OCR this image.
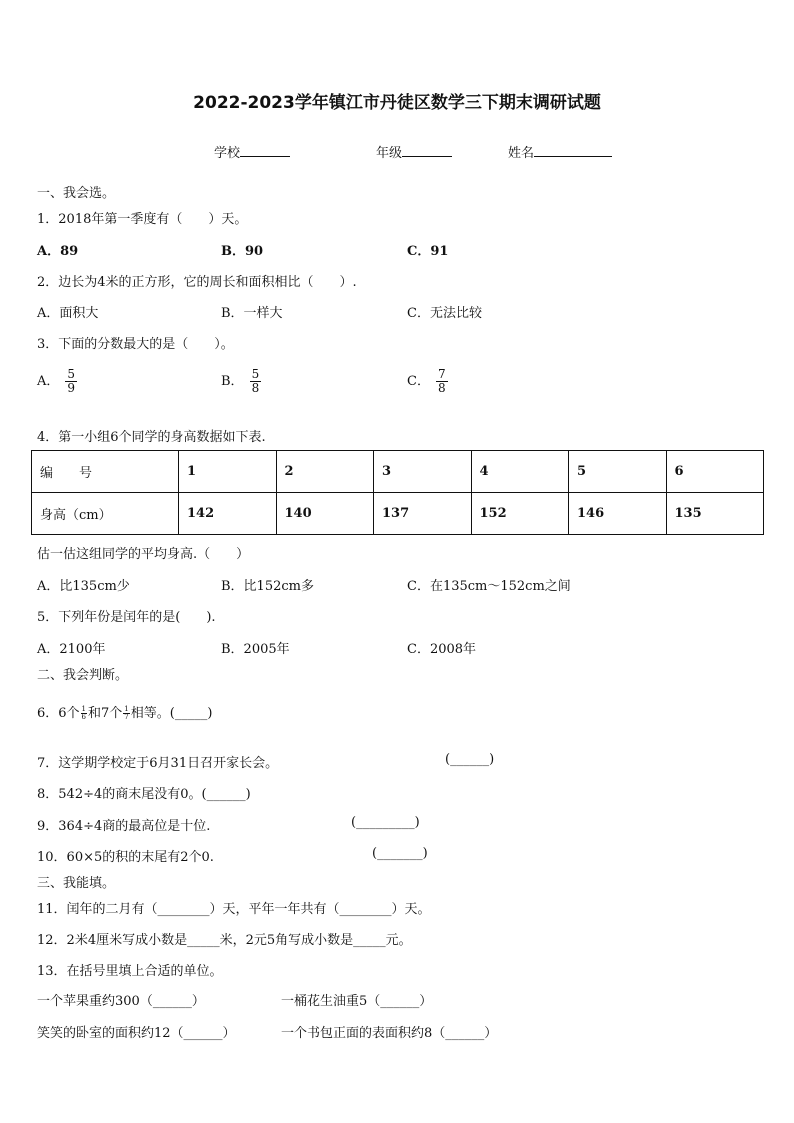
2022-2023学年镇江市丹徒区数学三下期末调研试题
学校	年级	姓名
一、我会选。
1．2018年第一季度有（　　）天。
A．89	B．90	C．91
2．边长为4米的正方形，它的周长和面积相比（　　）.
A．面积大	B．一样大	C．无法比较
3．下面的分数最大的是（　　）。
A． $\frac{5}{9}$	B． $\frac{5}{8}$	C． $\frac{7}{8}$
4．第一小组6个同学的身高数据如下表.
编　　号	1	2	3	4	5	6
身高（cm）	142	140	137	152	146	135
估一估这组同学的平均身高.（　　）
A．比135cm少	B．比152cm多	C．在135cm～152cm之间
5．下列年份是闰年的是(　　).
A．2100年	B．2005年	C．2008年
二、我会判断。
6．6个 $\frac{1}{6}$ 和7个 $\frac{1}{7}$ 相等。(_____)
7．这学期学校定于6月31日召开家长会。	(______)
8．542÷4的商末尾没有0。(______)
9．364÷4商的最高位是十位.	(_________)
10．60×5的积的末尾有2个0.	(_______)
三、我能填。
11．闰年的二月有（________）天，平年一年共有（________）天。
12．2米4厘米写成小数是_____米，2元5角写成小数是_____元。
13．在括号里填上合适的单位。
一个苹果重约300（______）	一桶花生油重5（______）
笑笑的卧室的面积约12（______）	一个书包正面的表面积约8（______）
